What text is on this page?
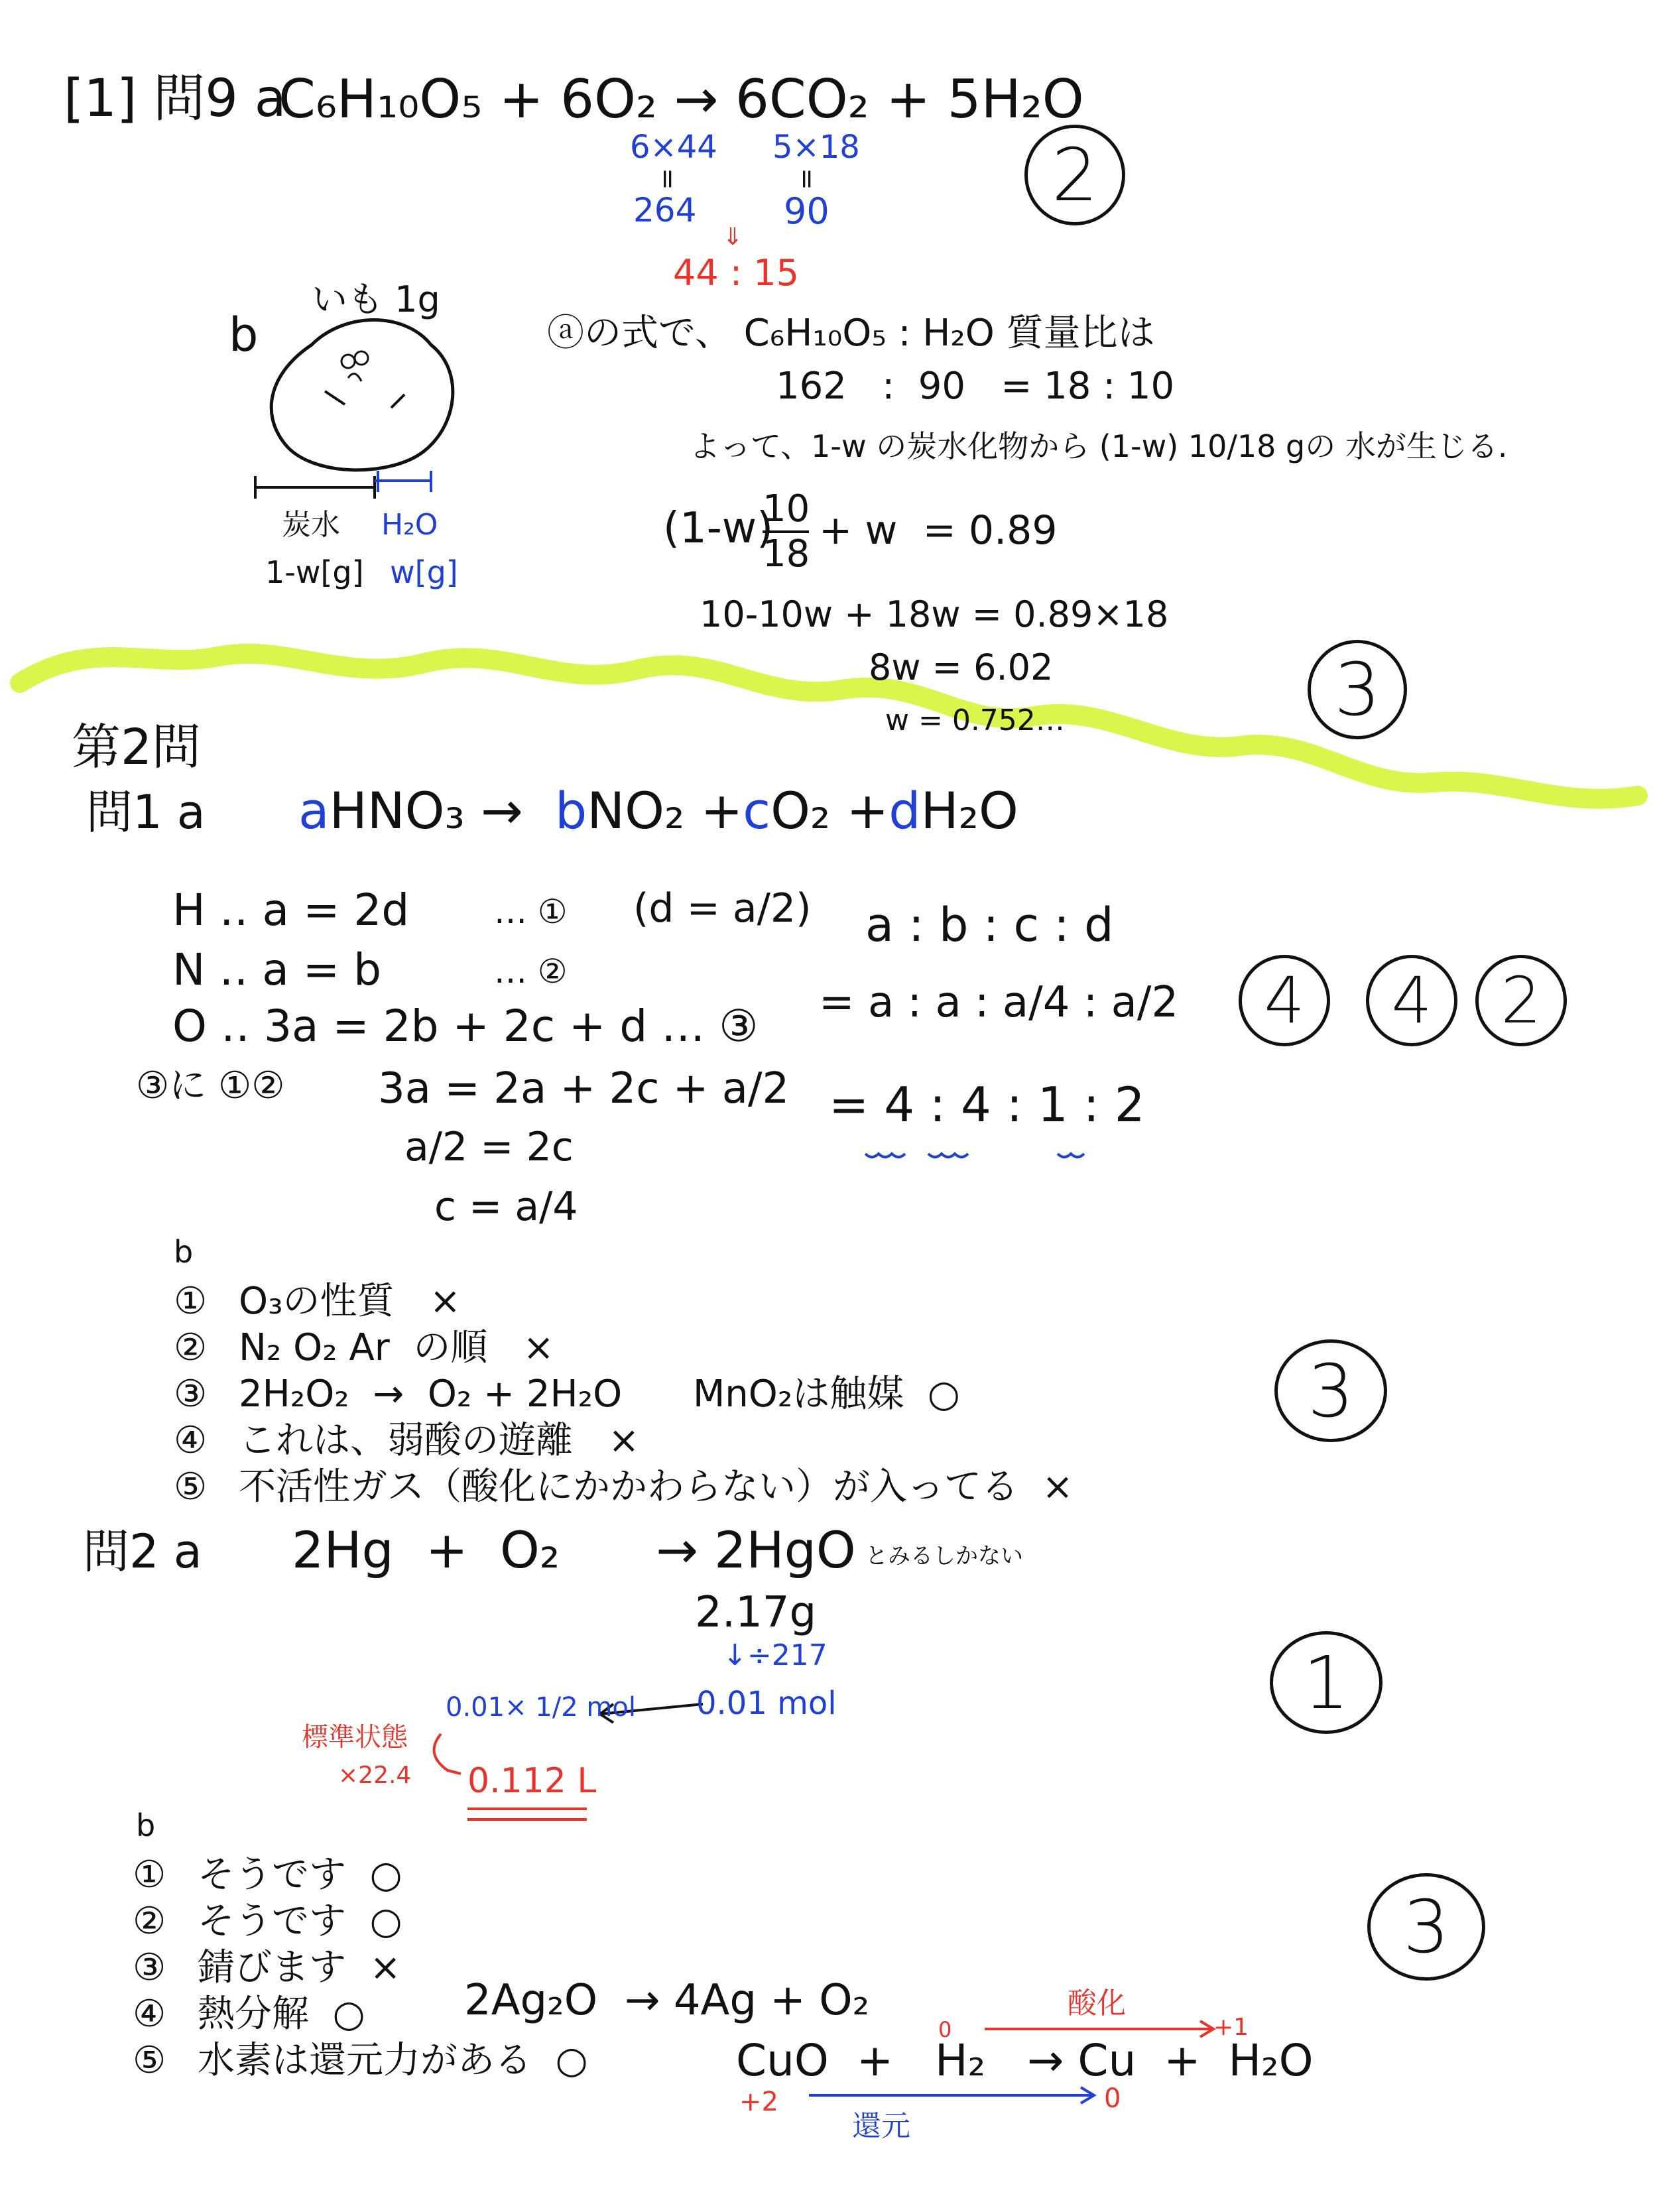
[1] 問9 a
C₆H₁₀O₅ + 6O₂ → 6CO₂ + 5H₂O
6×44 5×18
=	=
264 90
⇓
44 : 15
2
b
いも 1g
炭水 H₂O
1-w[g] w[g]
ⓐの式で、 C₆H₁₀O₅ : H₂O 質量比は
162   :  90   = 18 : 10
よって、1-w の炭水化物から (1-w) 10/18 gの 水が生じる.
(1-w)
10
18
+ w  = 0.89
10-10w + 18w = 0.89×18
8w = 6.02
w = 0.752…	3
第2問
問1 a aHNO₃ → bNO₂ +cO₂ +dH₂O
H ‥ a = 2d	… ① (d = a/2)
N ‥ a = b	… ②
O ‥ 3a = 2b + 2c + d … ③
③に ①② 3a = 2a + 2c + a/2
a/2 = 2c
c = a/4
a : b : c : d
= a : a : a/4 : a/2
= 4 : 4 : 1 : 2
4 4 2
b
① O₃の性質   ×
② N₂ O₂ Ar  の順   ×
③ 2H₂O₂  →  O₂ + 2H₂O      MnO₂は触媒  ○
④ これは、弱酸の遊離   ×
⑤ 不活性ガス（酸化にかかわらない）が入ってる  ×
3
問2 a 2Hg  +  O₂      → 2HgO とみるしかない
2.17g
↓÷217
0.01 mol
0.01× 1/2 mol
標準状態
×22.4 0.112 L
1
b
① そうです  ○
② そうです  ○
③ 錆びます  ×
④ 熱分解  ○
⑤ 水素は還元力がある  ○
2Ag₂O  → 4Ag + O₂	酸化
0	+1
CuO  +   H₂   → Cu  +  H₂O
+2	0
還元
3
